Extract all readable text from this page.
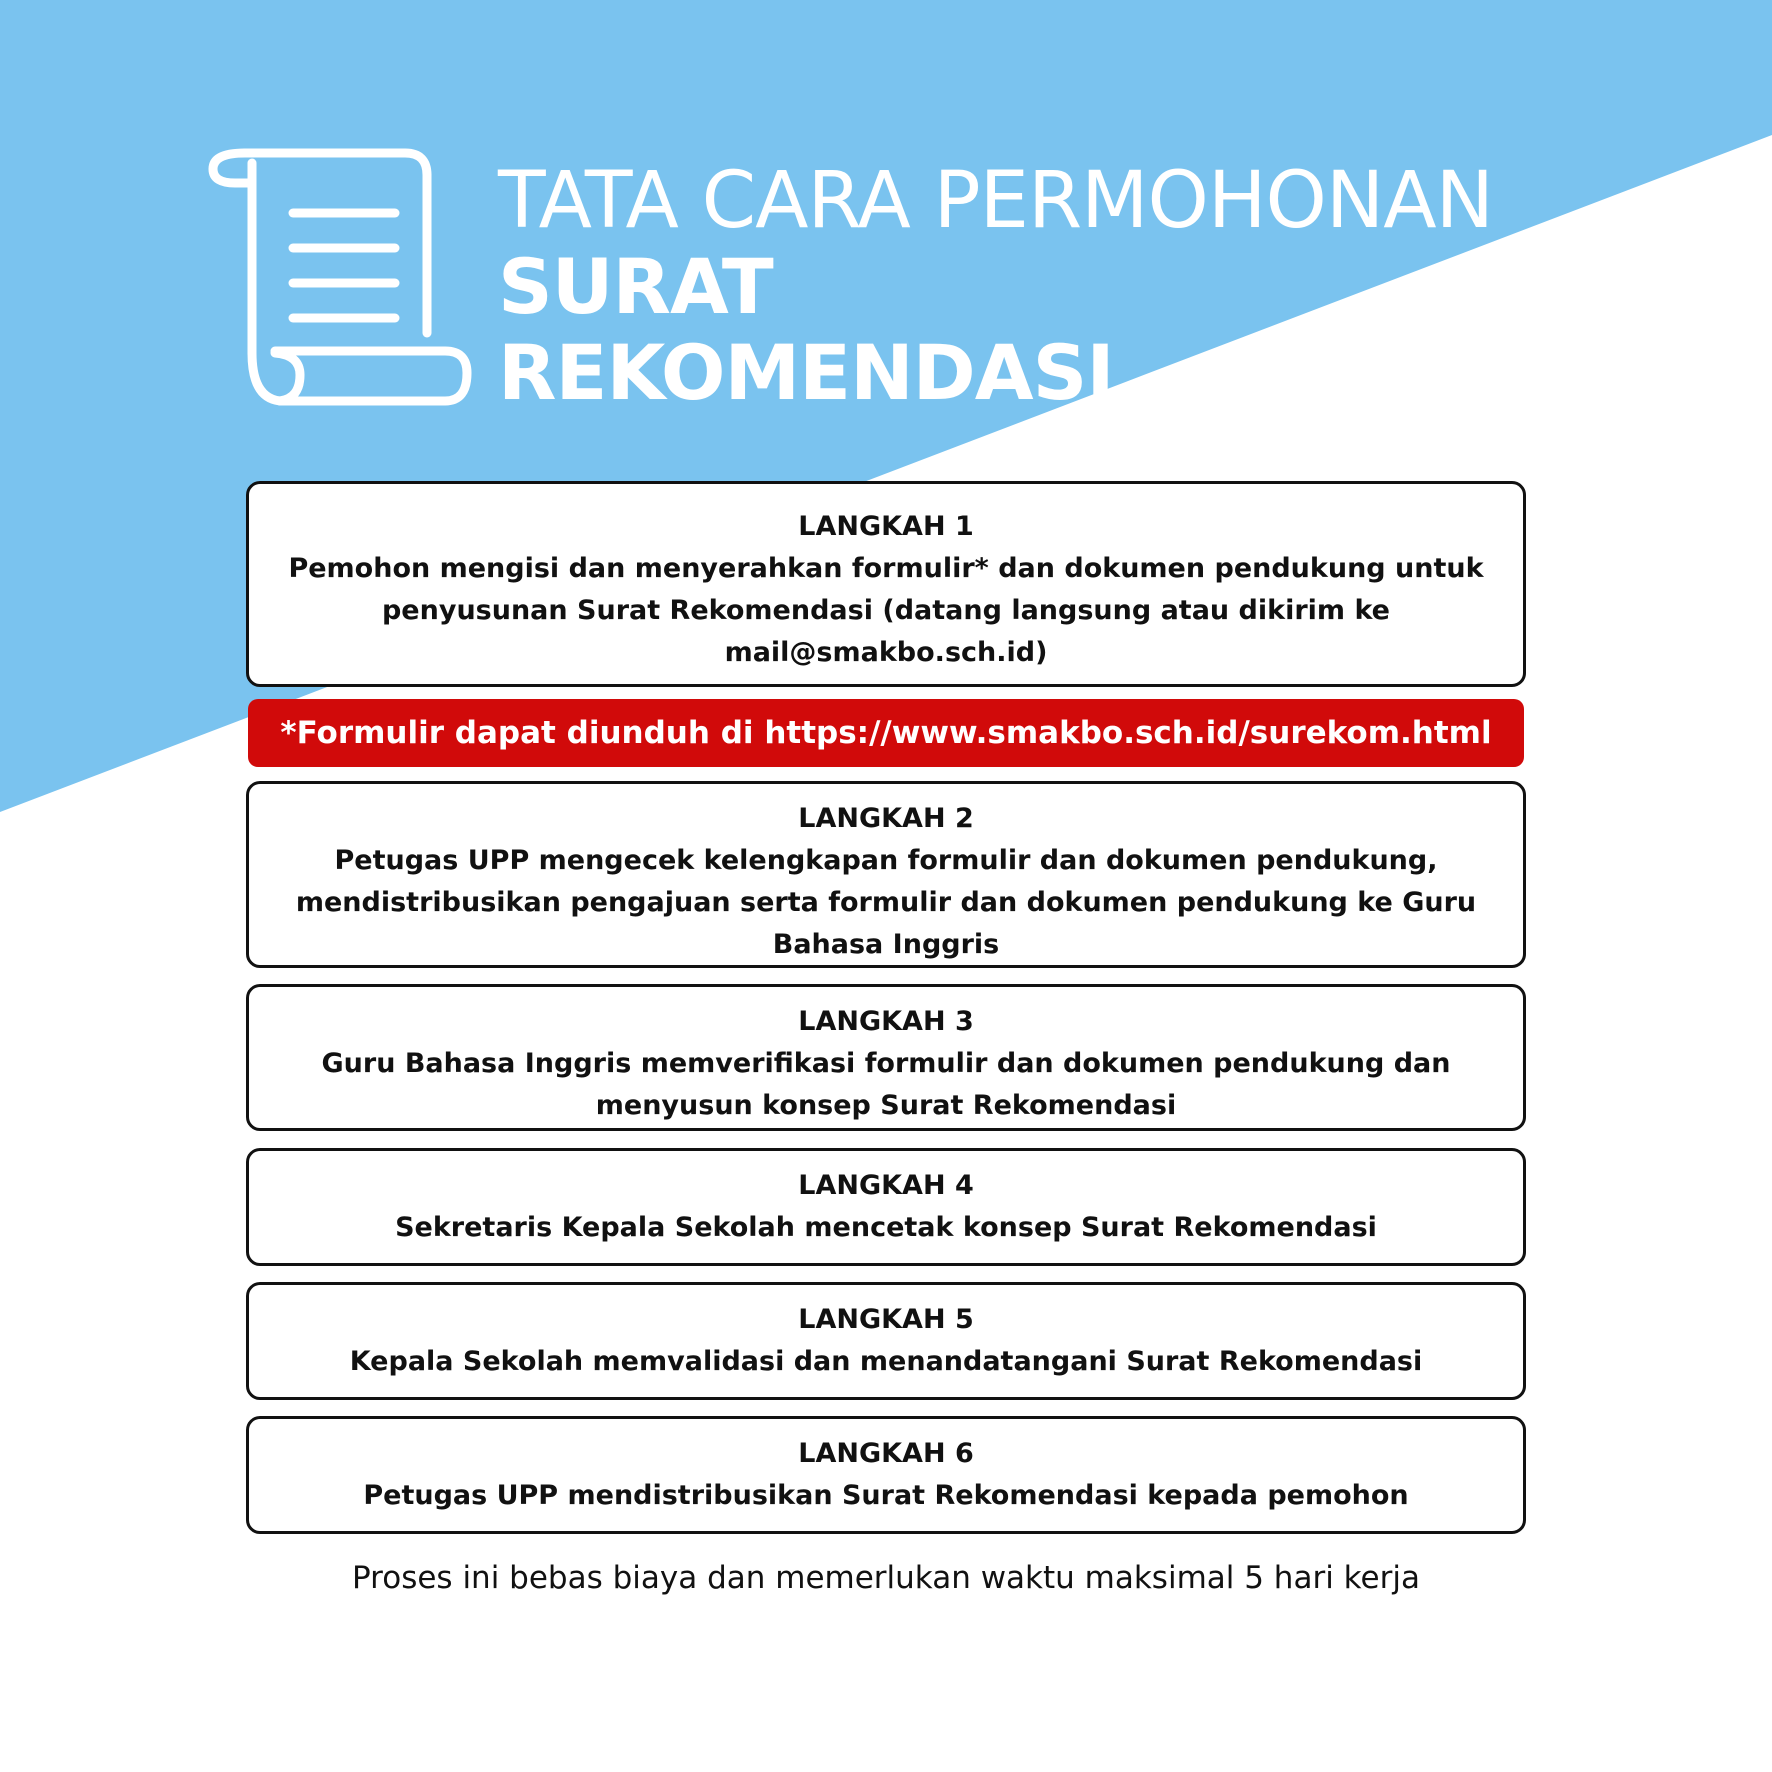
TATA CARA PERMOHONAN
SURAT
REKOMENDASI
LANGKAH 1
Pemohon mengisi dan menyerahkan formulir* dan dokumen pendukung untuk penyusunan Surat Rekomendasi (datang langsung atau dikirim ke mail@smakbo.sch.id)
*Formulir dapat diunduh di https://www.smakbo.sch.id/surekom.html
LANGKAH 2
Petugas UPP mengecek kelengkapan formulir dan dokumen pendukung, mendistribusikan pengajuan serta formulir dan dokumen pendukung ke Guru Bahasa Inggris
LANGKAH 3
Guru Bahasa Inggris memverifikasi formulir dan dokumen pendukung dan menyusun konsep Surat Rekomendasi
LANGKAH 4
Sekretaris Kepala Sekolah mencetak konsep Surat Rekomendasi
LANGKAH 5
Kepala Sekolah memvalidasi dan menandatangani Surat Rekomendasi
LANGKAH 6
Petugas UPP mendistribusikan Surat Rekomendasi kepada pemohon
Proses ini bebas biaya dan memerlukan waktu maksimal 5 hari kerja
